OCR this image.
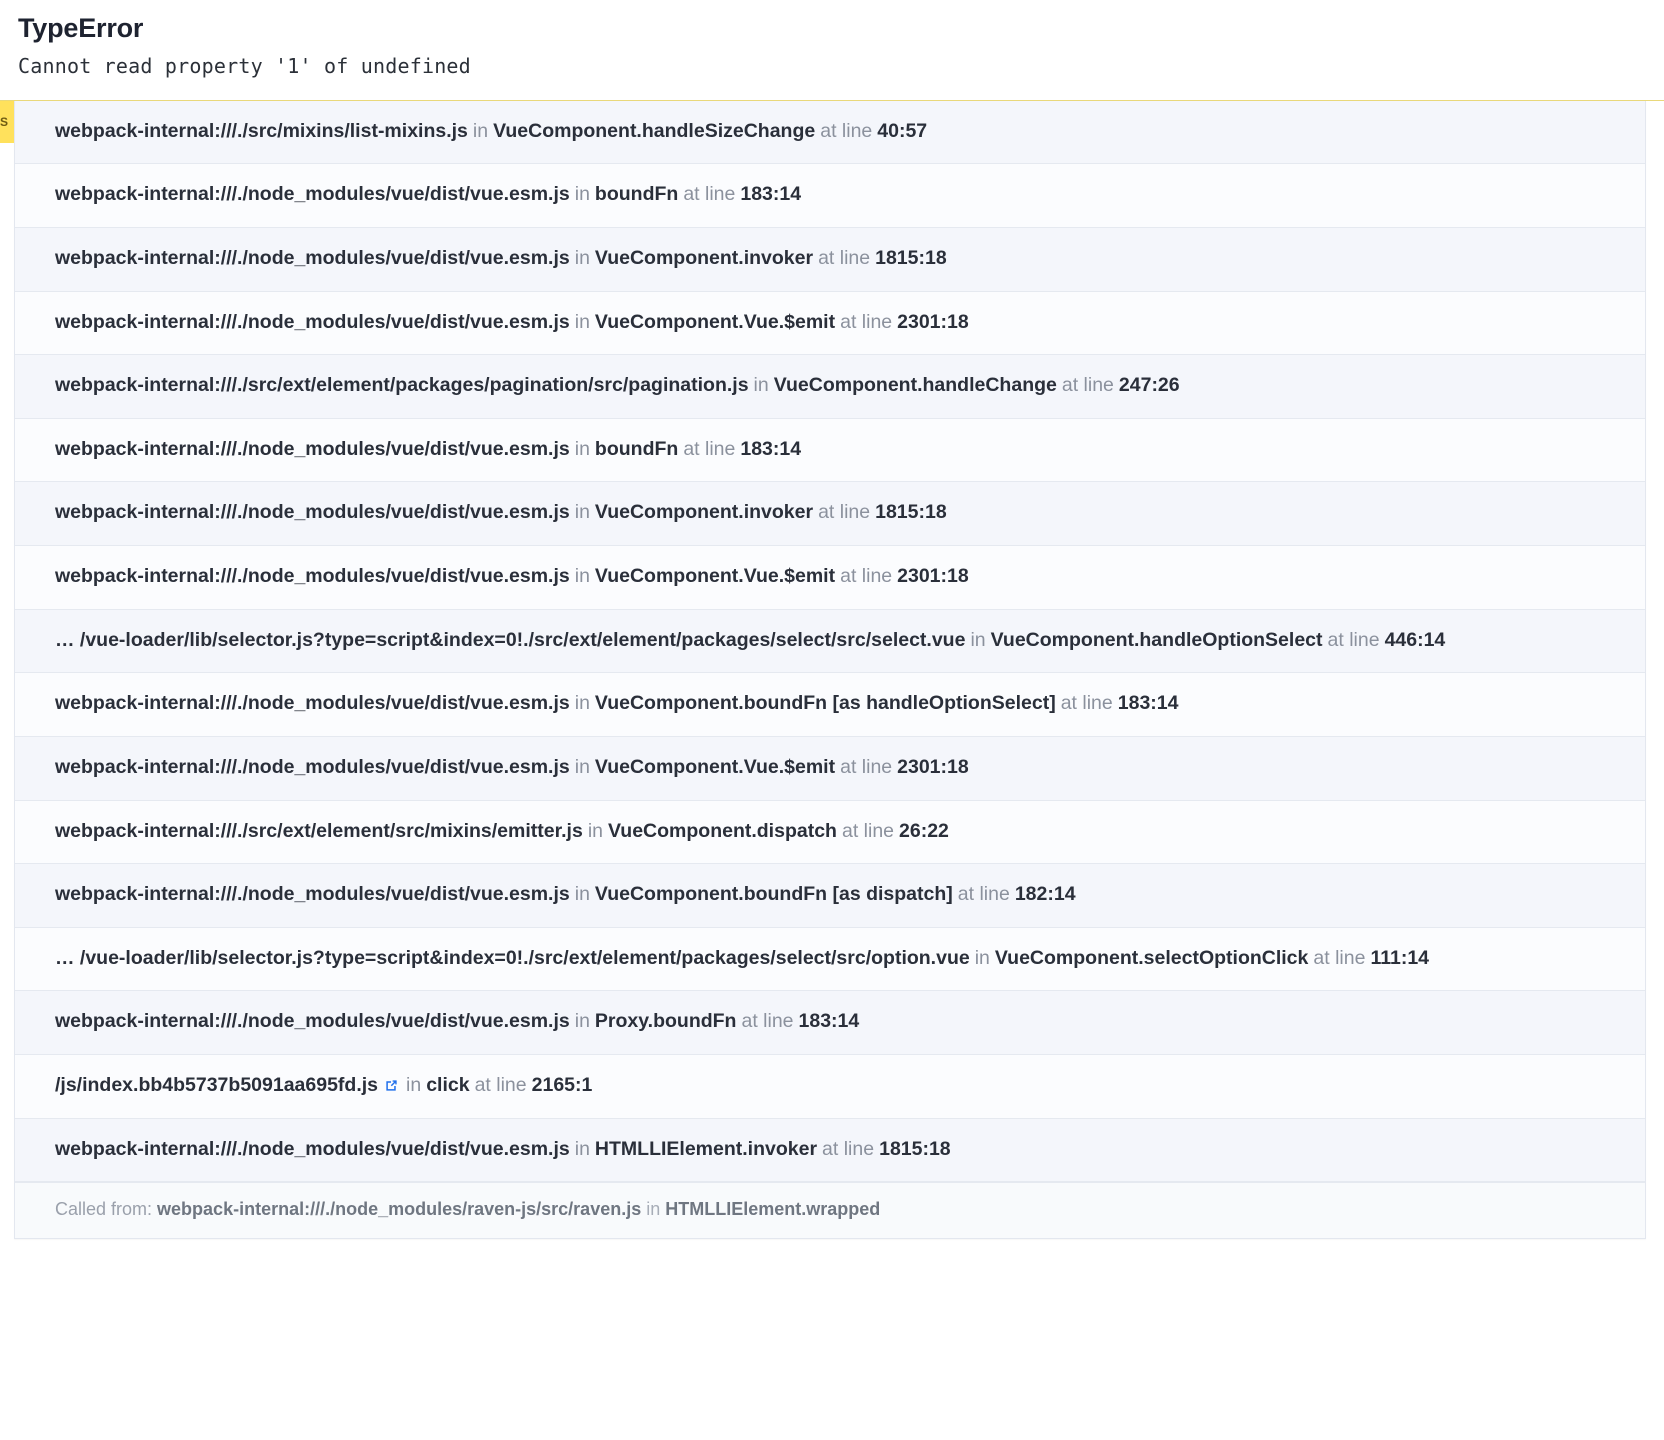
TypeError
Cannot read property '1' of undefined
S	webpack-internal:///./src/mixins/list-mixins.js in VueComponent.handleSizeChange at line 40:57
webpack-internal:///./node_modules/vue/dist/vue.esm.js in boundFn at line 183:14
webpack-internal:///./node_modules/vue/dist/vue.esm.js in VueComponent.invoker at line 1815:18
webpack-internal:///./node_modules/vue/dist/vue.esm.js in VueComponent.Vue.$emit at line 2301:18
webpack-internal:///./src/ext/element/packages/pagination/src/pagination.js in VueComponent.handleChange at line 247:26
webpack-internal:///./node_modules/vue/dist/vue.esm.js in boundFn at line 183:14
webpack-internal:///./node_modules/vue/dist/vue.esm.js in VueComponent.invoker at line 1815:18
webpack-internal:///./node_modules/vue/dist/vue.esm.js in VueComponent.Vue.$emit at line 2301:18
… /vue-loader/lib/selector.js?type=script&index=0!./src/ext/element/packages/select/src/select.vue in VueComponent.handleOptionSelect at line 446:14
webpack-internal:///./node_modules/vue/dist/vue.esm.js in VueComponent.boundFn [as handleOptionSelect] at line 183:14
webpack-internal:///./node_modules/vue/dist/vue.esm.js in VueComponent.Vue.$emit at line 2301:18
webpack-internal:///./src/ext/element/src/mixins/emitter.js in VueComponent.dispatch at line 26:22
webpack-internal:///./node_modules/vue/dist/vue.esm.js in VueComponent.boundFn [as dispatch] at line 182:14
… /vue-loader/lib/selector.js?type=script&index=0!./src/ext/element/packages/select/src/option.vue in VueComponent.selectOptionClick at line 111:14
webpack-internal:///./node_modules/vue/dist/vue.esm.js in Proxy.boundFn at line 183:14
/js/index.bb4b5737b5091aa695fd.js in click at line 2165:1
webpack-internal:///./node_modules/vue/dist/vue.esm.js in HTMLLIElement.invoker at line 1815:18
Called from: webpack-internal:///./node_modules/raven-js/src/raven.js in HTMLLIElement.wrapped
